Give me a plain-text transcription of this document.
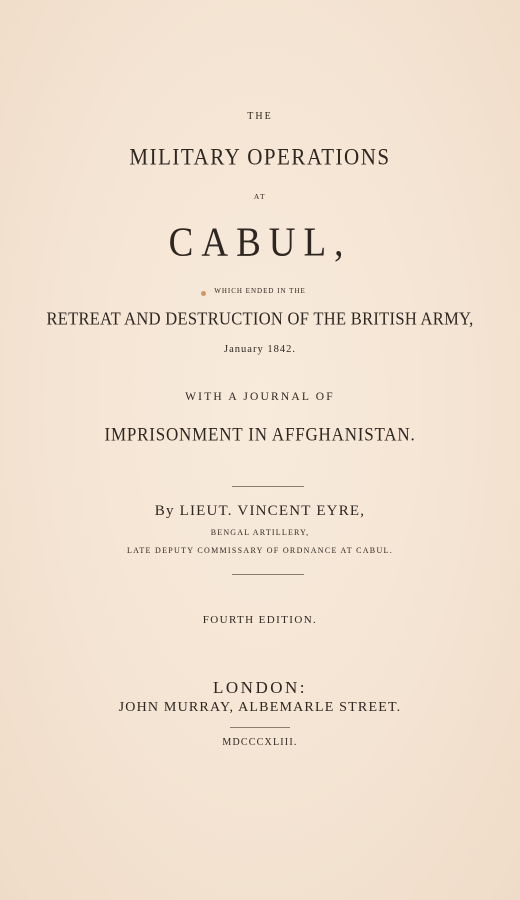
THE
MILITARY OPERATIONS
AT
CABUL,
WHICH ENDED IN THE
RETREAT AND DESTRUCTION OF THE BRITISH ARMY,
January 1842.
WITH A JOURNAL OF
IMPRISONMENT IN AFFGHANISTAN.
By LIEUT. VINCENT EYRE,
BENGAL ARTILLERY,
LATE DEPUTY COMMISSARY OF ORDNANCE AT CABUL.
FOURTH EDITION.
LONDON:
JOHN MURRAY, ALBEMARLE STREET.
MDCCCXLIII.
